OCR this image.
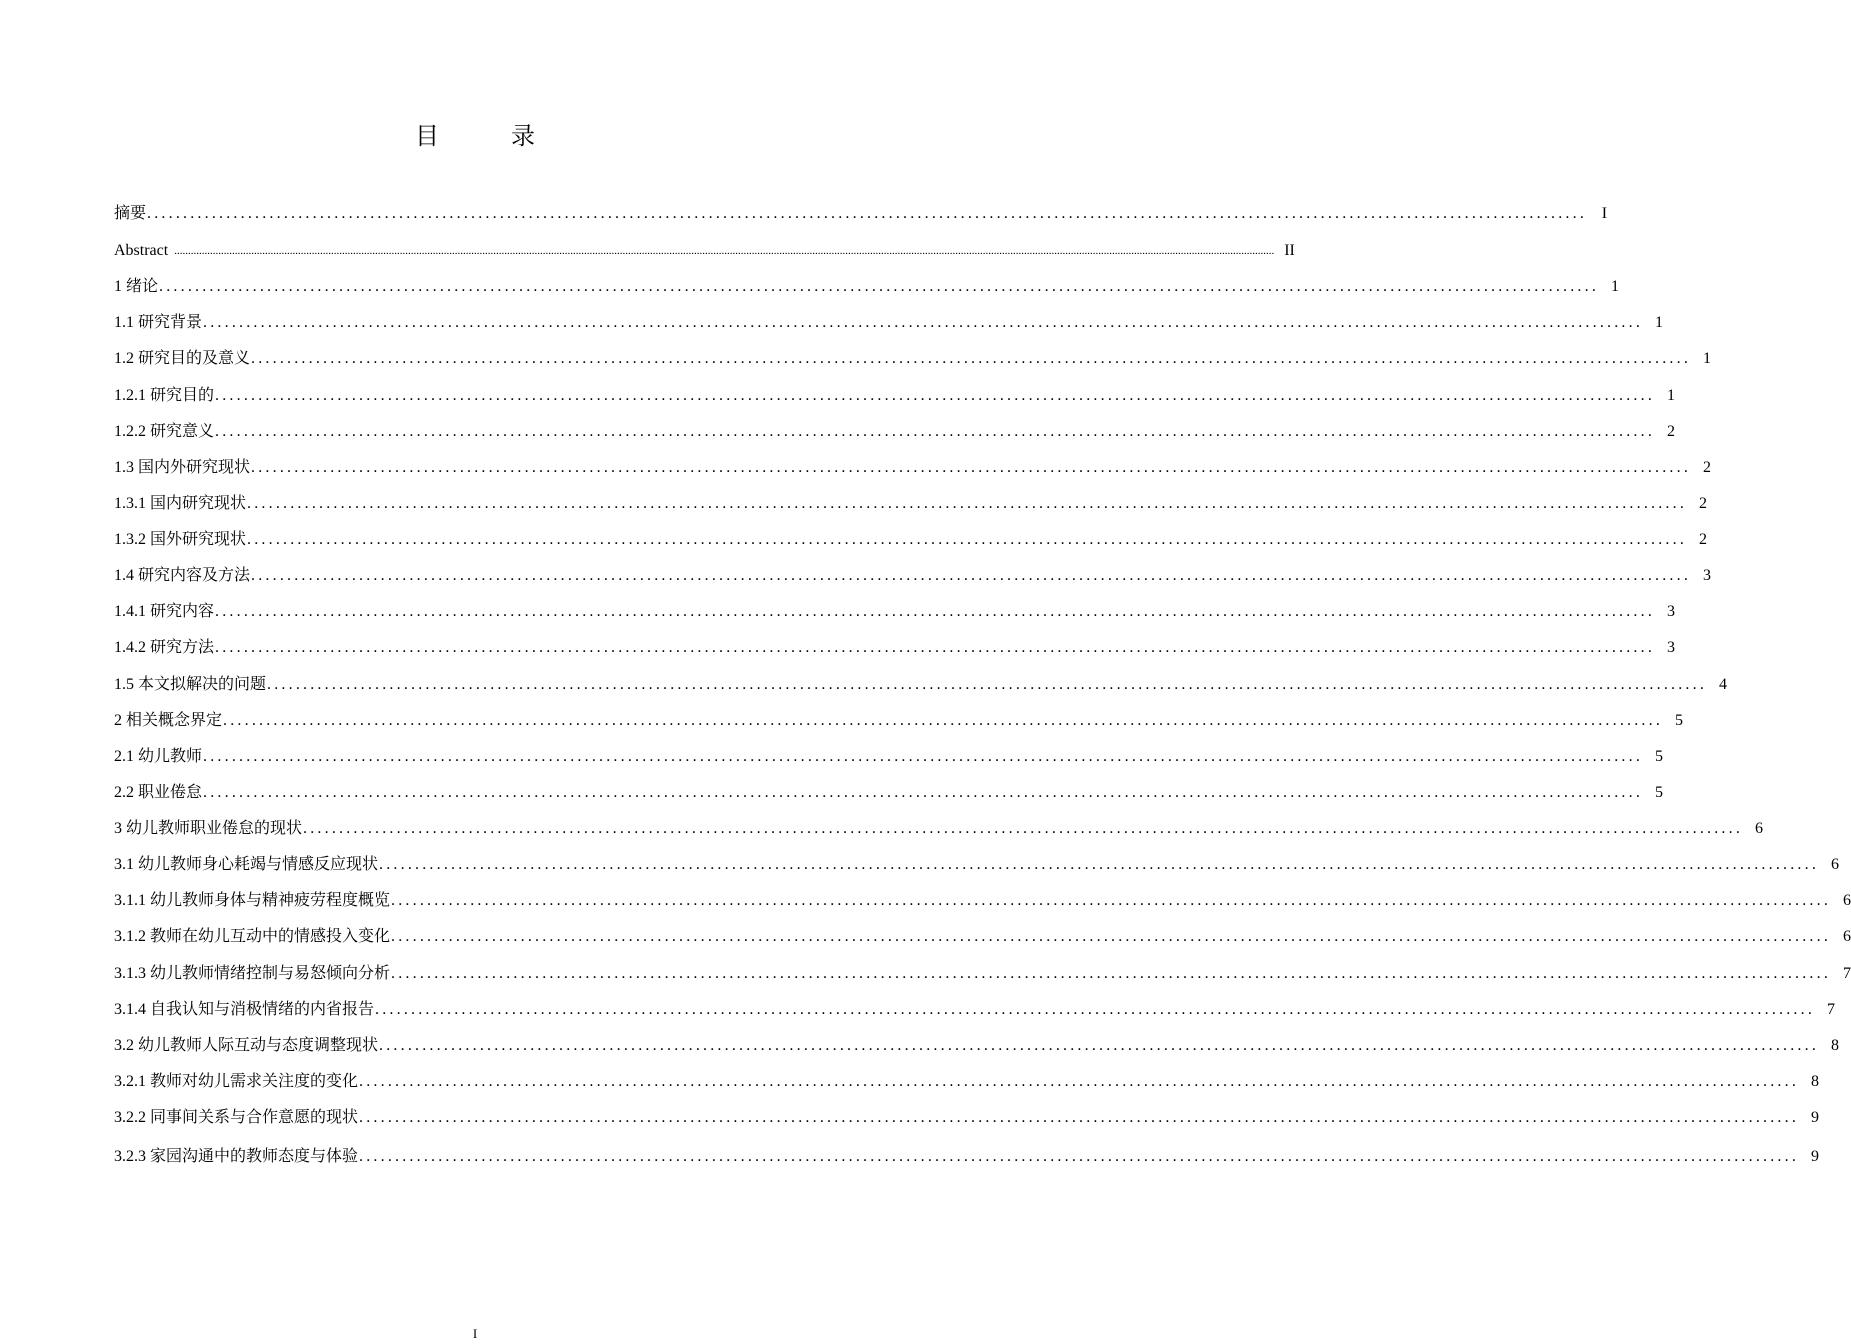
目　录
摘要 ........................................................................................................................................................................................................ I
Abstract ................................................................................................................................................................................................................................................................................................................................................................................................................ II
1 绪论 ........................................................................................................................................................................................................ 1
1.1 研究背景 ........................................................................................................................................................................................................ 1
1.2 研究目的及意义 ........................................................................................................................................................................................................ 1
1.2.1 研究目的 ........................................................................................................................................................................................................ 1
1.2.2 研究意义 ........................................................................................................................................................................................................ 2
1.3 国内外研究现状 ........................................................................................................................................................................................................ 2
1.3.1 国内研究现状 ........................................................................................................................................................................................................ 2
1.3.2 国外研究现状 ........................................................................................................................................................................................................ 2
1.4 研究内容及方法 ........................................................................................................................................................................................................ 3
1.4.1 研究内容 ........................................................................................................................................................................................................ 3
1.4.2 研究方法 ........................................................................................................................................................................................................ 3
1.5 本文拟解决的问题 ........................................................................................................................................................................................................ 4
2 相关概念界定 ........................................................................................................................................................................................................ 5
2.1 幼儿教师 ........................................................................................................................................................................................................ 5
2.2 职业倦怠 ........................................................................................................................................................................................................ 5
3 幼儿教师职业倦怠的现状 ........................................................................................................................................................................................................ 6
3.1 幼儿教师身心耗竭与情感反应现状 ........................................................................................................................................................................................................ 6
3.1.1 幼儿教师身体与精神疲劳程度概览 ........................................................................................................................................................................................................ 6
3.1.2 教师在幼儿互动中的情感投入变化 ........................................................................................................................................................................................................ 6
3.1.3 幼儿教师情绪控制与易怒倾向分析 ........................................................................................................................................................................................................ 7
3.1.4 自我认知与消极情绪的内省报告 ........................................................................................................................................................................................................ 7
3.2 幼儿教师人际互动与态度调整现状 ........................................................................................................................................................................................................ 8
3.2.1 教师对幼儿需求关注度的变化 ........................................................................................................................................................................................................ 8
3.2.2 同事间关系与合作意愿的现状 ........................................................................................................................................................................................................ 9
3.2.3 家园沟通中的教师态度与体验 ........................................................................................................................................................................................................ 9
I
